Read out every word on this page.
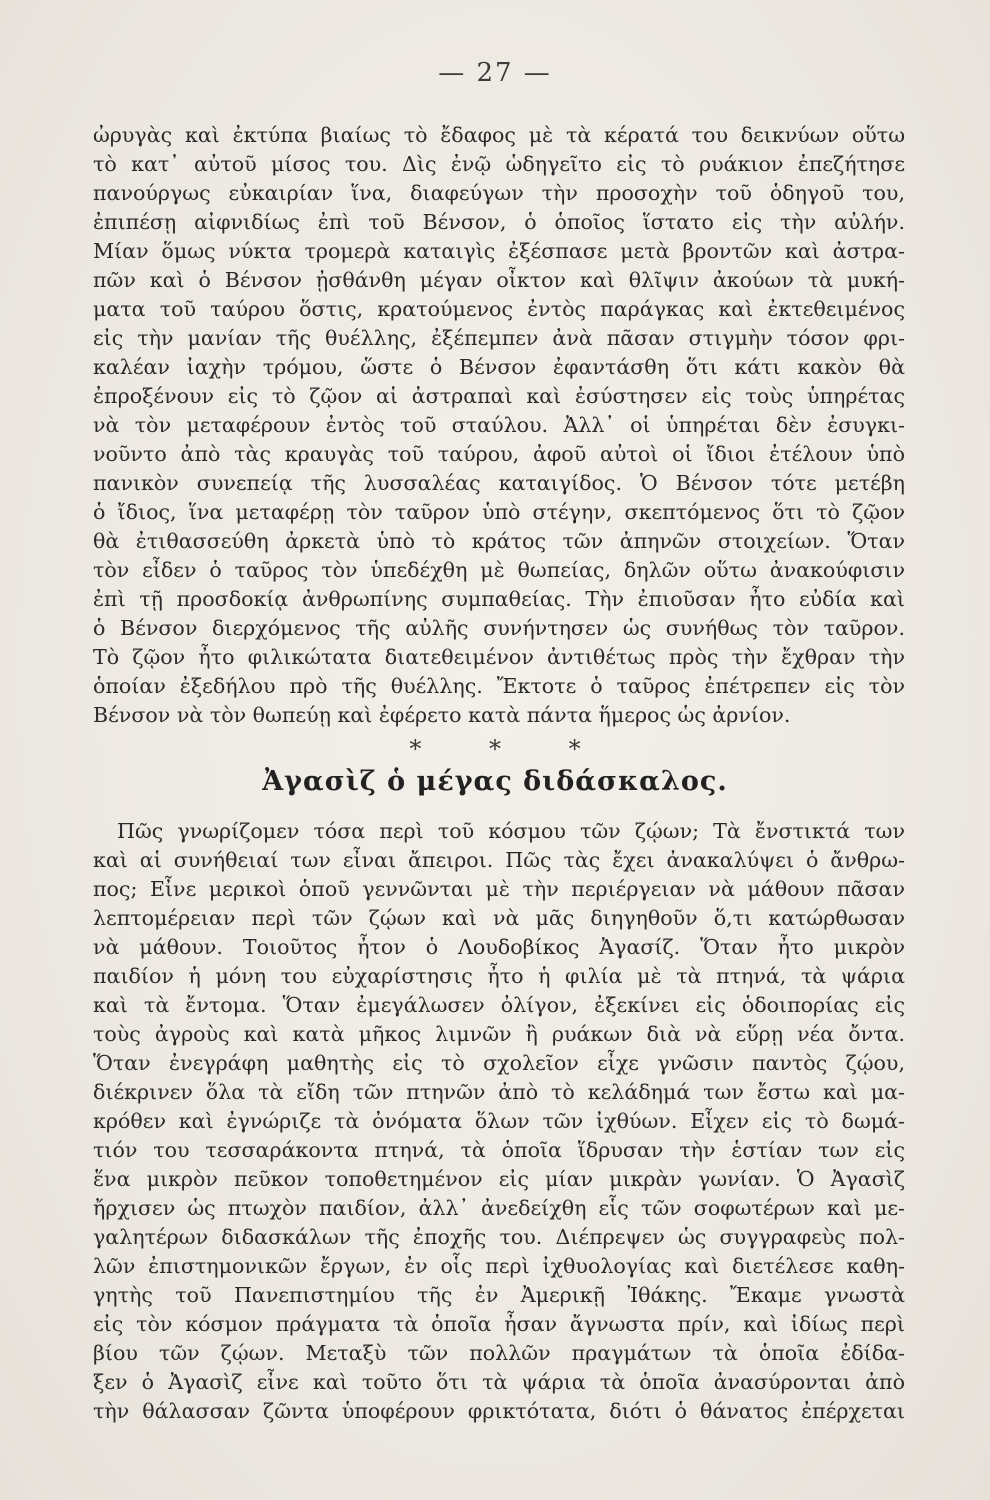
— 27 —
ὠρυγὰς καὶ ἐκτύπα βιαίως τὸ ἔδαφος μὲ τὰ κέρατά του δεικνύων οὕτω
τὸ κατ᾽ αὐτοῦ μίσος του. Δὶς ἐνῷ ὡδηγεῖτο εἰς τὸ ρυάκιον ἐπεζήτησε
πανούργως εὐκαιρίαν ἵνα, διαφεύγων τὴν προσοχὴν τοῦ ὁδηγοῦ του,
ἐπιπέσῃ αἰφνιδίως ἐπὶ τοῦ Βένσον, ὁ ὁποῖος ἵστατο εἰς τὴν αὐλήν.
Μίαν ὅμως νύκτα τρομερὰ καταιγὶς ἐξέσπασε μετὰ βροντῶν καὶ ἀστρα-
πῶν καὶ ὁ Βένσον ᾐσθάνθη μέγαν οἶκτον καὶ θλῖψιν ἀκούων τὰ μυκή-
ματα τοῦ ταύρου ὅστις, κρατούμενος ἐντὸς παράγκας καὶ ἐκτεθειμένος
εἰς τὴν μανίαν τῆς θυέλλης, ἐξέπεμπεν ἀνὰ πᾶσαν στιγμὴν τόσον φρι-
καλέαν ἰαχὴν τρόμου, ὥστε ὁ Βένσον ἐφαντάσθη ὅτι κάτι κακὸν θὰ
ἐπροξένουν εἰς τὸ ζῷον αἱ ἀστραπαὶ καὶ ἐσύστησεν εἰς τοὺς ὑπηρέτας
νὰ τὸν μεταφέρουν ἐντὸς τοῦ σταύλου. Ἀλλ᾽ οἱ ὑπηρέται δὲν ἐσυγκι-
νοῦντο ἀπὸ τὰς κραυγὰς τοῦ ταύρου, ἀφοῦ αὐτοὶ οἱ ἴδιοι ἐτέλουν ὑπὸ
πανικὸν συνεπείᾳ τῆς λυσσαλέας καταιγίδος. Ὁ Βένσον τότε μετέβη
ὁ ἴδιος, ἵνα μεταφέρῃ τὸν ταῦρον ὑπὸ στέγην, σκεπτόμενος ὅτι τὸ ζῷον
θὰ ἐτιθασσεύθη ἀρκετὰ ὑπὸ τὸ κράτος τῶν ἀπηνῶν στοιχείων. Ὅταν
τὸν εἶδεν ὁ ταῦρος τὸν ὑπεδέχθη μὲ θωπείας, δηλῶν οὕτω ἀνακούφισιν
ἐπὶ τῇ προσδοκίᾳ ἀνθρωπίνης συμπαθείας. Τὴν ἐπιοῦσαν ἦτο εὐδία καὶ
ὁ Βένσον διερχόμενος τῆς αὐλῆς συνήντησεν ὡς συνήθως τὸν ταῦρον.
Τὸ ζῷον ἦτο φιλικώτατα διατεθειμένον ἀντιθέτως πρὸς τὴν ἔχθραν τὴν
ὁποίαν ἐξεδήλου πρὸ τῆς θυέλλης. Ἔκτοτε ὁ ταῦρος ἐπέτρεπεν εἰς τὸν
Βένσον νὰ τὸν θωπεύῃ καὶ ἐφέρετο κατὰ πάντα ἥμερος ὡς ἀρνίον.
* * *
Ἀγασὶζ ὁ μέγας διδάσκαλος.
Πῶς γνωρίζομεν τόσα περὶ τοῦ κόσμου τῶν ζῴων; Τὰ ἔνστικτά των
καὶ αἱ συνήθειαί των εἶναι ἄπειροι. Πῶς τὰς ἔχει ἀνακαλύψει ὁ ἄνθρω-
πος; Εἶνε μερικοὶ ὁποῦ γεννῶνται μὲ τὴν περιέργειαν νὰ μάθουν πᾶσαν
λεπτομέρειαν περὶ τῶν ζῴων καὶ νὰ μᾶς διηγηθοῦν ὅ,τι κατώρθωσαν
νὰ μάθουν. Τοιοῦτος ἦτον ὁ Λουδοβίκος Ἀγασίζ. Ὅταν ἦτο μικρὸν
παιδίον ἡ μόνη του εὐχαρίστησις ἦτο ἡ φιλία μὲ τὰ πτηνά, τὰ ψάρια
καὶ τὰ ἔντομα. Ὅταν ἐμεγάλωσεν ὀλίγον, ἐξεκίνει εἰς ὁδοιπορίας εἰς
τοὺς ἀγροὺς καὶ κατὰ μῆκος λιμνῶν ἢ ρυάκων διὰ νὰ εὕρῃ νέα ὄντα.
Ὅταν ἐνεγράφη μαθητὴς εἰς τὸ σχολεῖον εἶχε γνῶσιν παντὸς ζῴου,
διέκρινεν ὅλα τὰ εἴδη τῶν πτηνῶν ἀπὸ τὸ κελάδημά των ἔστω καὶ μα-
κρόθεν καὶ ἐγνώριζε τὰ ὀνόματα ὅλων τῶν ἰχθύων. Εἶχεν εἰς τὸ δωμά-
τιόν του τεσσαράκοντα πτηνά, τὰ ὁποῖα ἵδρυσαν τὴν ἑστίαν των εἰς
ἕνα μικρὸν πεῦκον τοποθετημένον εἰς μίαν μικρὰν γωνίαν. Ὁ Ἀγασὶζ
ἤρχισεν ὡς πτωχὸν παιδίον, ἀλλ᾽ ἀνεδείχθη εἷς τῶν σοφωτέρων καὶ με-
γαλητέρων διδασκάλων τῆς ἐποχῆς του. Διέπρεψεν ὡς συγγραφεὺς πολ-
λῶν ἐπιστημονικῶν ἔργων, ἐν οἷς περὶ ἰχθυολογίας καὶ διετέλεσε καθη-
γητὴς τοῦ Πανεπιστημίου τῆς ἐν Ἀμερικῇ Ἰθάκης. Ἔκαμε γνωστὰ
εἰς τὸν κόσμον πράγματα τὰ ὁποῖα ἦσαν ἄγνωστα πρίν, καὶ ἰδίως περὶ
βίου τῶν ζῴων. Μεταξὺ τῶν πολλῶν πραγμάτων τὰ ὁποῖα ἐδίδα-
ξεν ὁ Ἀγασὶζ εἶνε καὶ τοῦτο ὅτι τὰ ψάρια τὰ ὁποῖα ἀνασύρονται ἀπὸ
τὴν θάλασσαν ζῶντα ὑποφέρουν φρικτότατα, διότι ὁ θάνατος ἐπέρχεται
